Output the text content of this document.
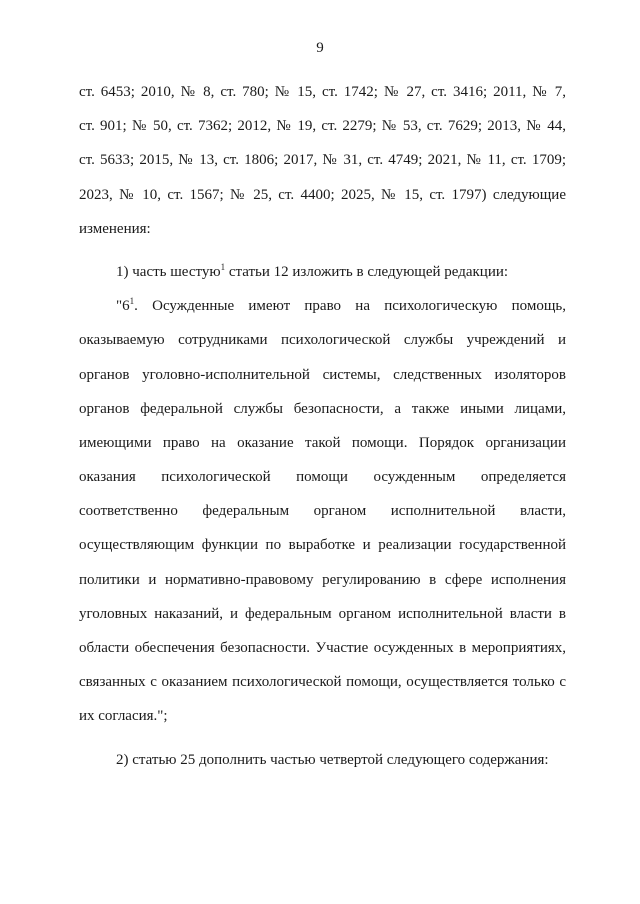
9
ст. 6453; 2010, № 8, ст. 780; № 15, ст. 1742; № 27, ст. 3416; 2011, № 7,
ст. 901; № 50, ст. 7362; 2012, № 19, ст. 2279; № 53, ст. 7629; 2013, № 44,
ст. 5633; 2015, № 13, ст. 1806; 2017, № 31, ст. 4749; 2021, № 11, ст. 1709;
2023, № 10, ст. 1567; № 25, ст. 4400; 2025, № 15, ст. 1797) следующие
изменения:
1) часть шестую$^1$ статьи 12 изложить в следующей редакции:
"$6^1$. Осужденные имеют право на психологическую помощь,
оказываемую сотрудниками психологической службы учреждений и
органов уголовно-исполнительной системы, следственных изоляторов
органов федеральной службы безопасности, а также иными лицами,
имеющими право на оказание такой помощи. Порядок организации
оказания психологической помощи осужденным определяется
соответственно федеральным органом исполнительной власти,
осуществляющим функции по выработке и реализации государственной
политики и нормативно-правовому регулированию в сфере исполнения
уголовных наказаний, и федеральным органом исполнительной власти в
области обеспечения безопасности. Участие осужденных в мероприятиях,
связанных с оказанием психологической помощи, осуществляется только с
их согласия.";
2) статью 25 дополнить частью четвертой следующего содержания:
